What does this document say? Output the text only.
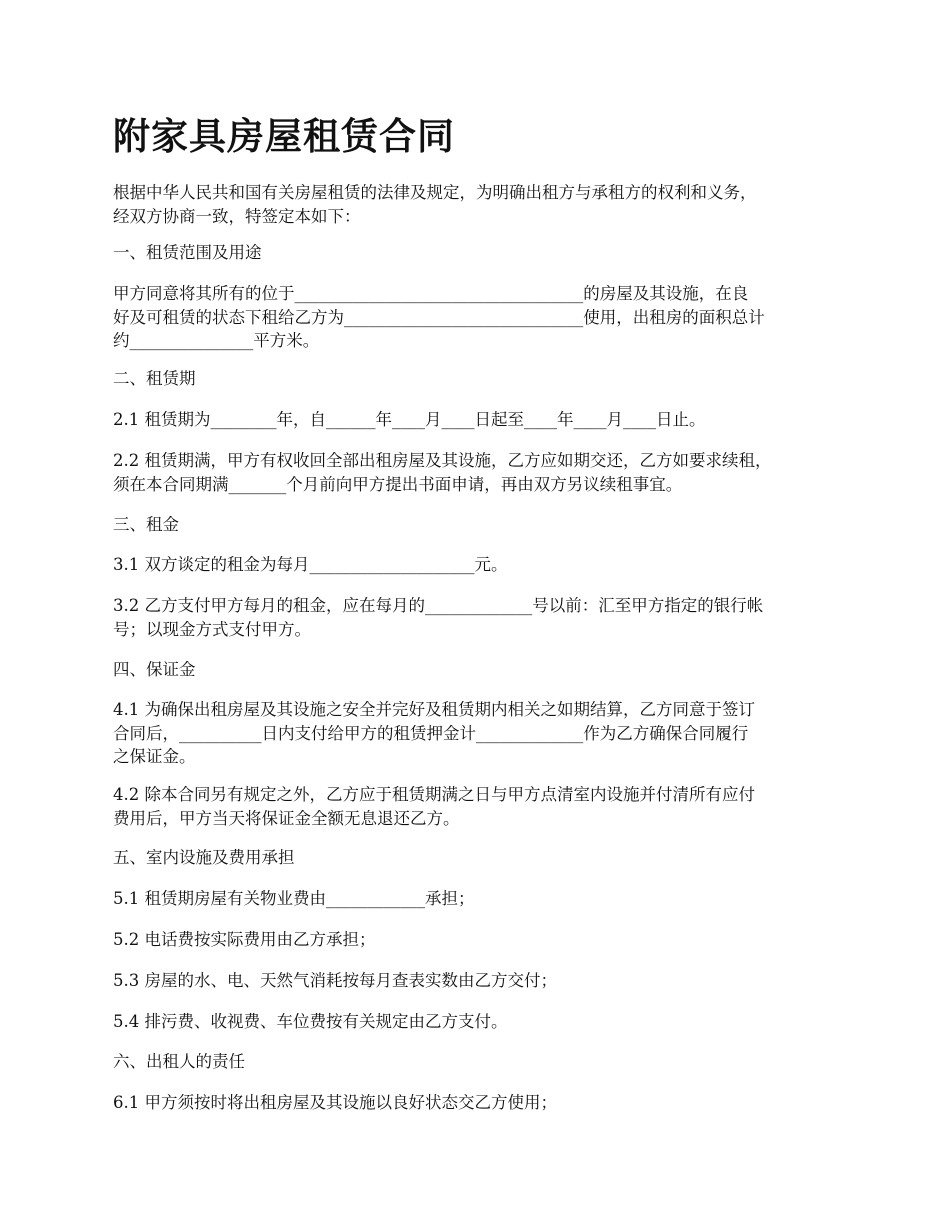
附家具房屋租赁合同
根据中华人民共和国有关房屋租赁的法律及规定，为明确出租方与承租方的权利和义务，
经双方协商一致，特签定本如下：
一、租赁范围及用途
甲方同意将其所有的位于___________________________________的房屋及其设施，在良
好及可租赁的状态下租给乙方为_____________________________使用，出租房的面积总计
约_______________平方米。
二、租赁期
2.1 租赁期为________年，自______年____月____日起至____年____月____日止。
2.2 租赁期满，甲方有权收回全部出租房屋及其设施，乙方应如期交还，乙方如要求续租，
须在本合同期满_______个月前向甲方提出书面申请，再由双方另议续租事宜。
三、租金
3.1 双方谈定的租金为每月____________________元。
3.2 乙方支付甲方每月的租金，应在每月的_____________号以前：汇至甲方指定的银行帐
号；以现金方式支付甲方。
四、保证金
4.1 为确保出租房屋及其设施之安全并完好及租赁期内相关之如期结算，乙方同意于签订
合同后，__________日内支付给甲方的租赁押金计_____________作为乙方确保合同履行
之保证金。
4.2 除本合同另有规定之外，乙方应于租赁期满之日与甲方点清室内设施并付清所有应付
费用后，甲方当天将保证金全额无息退还乙方。
五、室内设施及费用承担
5.1 租赁期房屋有关物业费由____________承担；
5.2 电话费按实际费用由乙方承担；
5.3 房屋的水、电、天然气消耗按每月查表实数由乙方交付；
5.4 排污费、收视费、车位费按有关规定由乙方支付。
六、出租人的责任
6.1 甲方须按时将出租房屋及其设施以良好状态交乙方使用；
